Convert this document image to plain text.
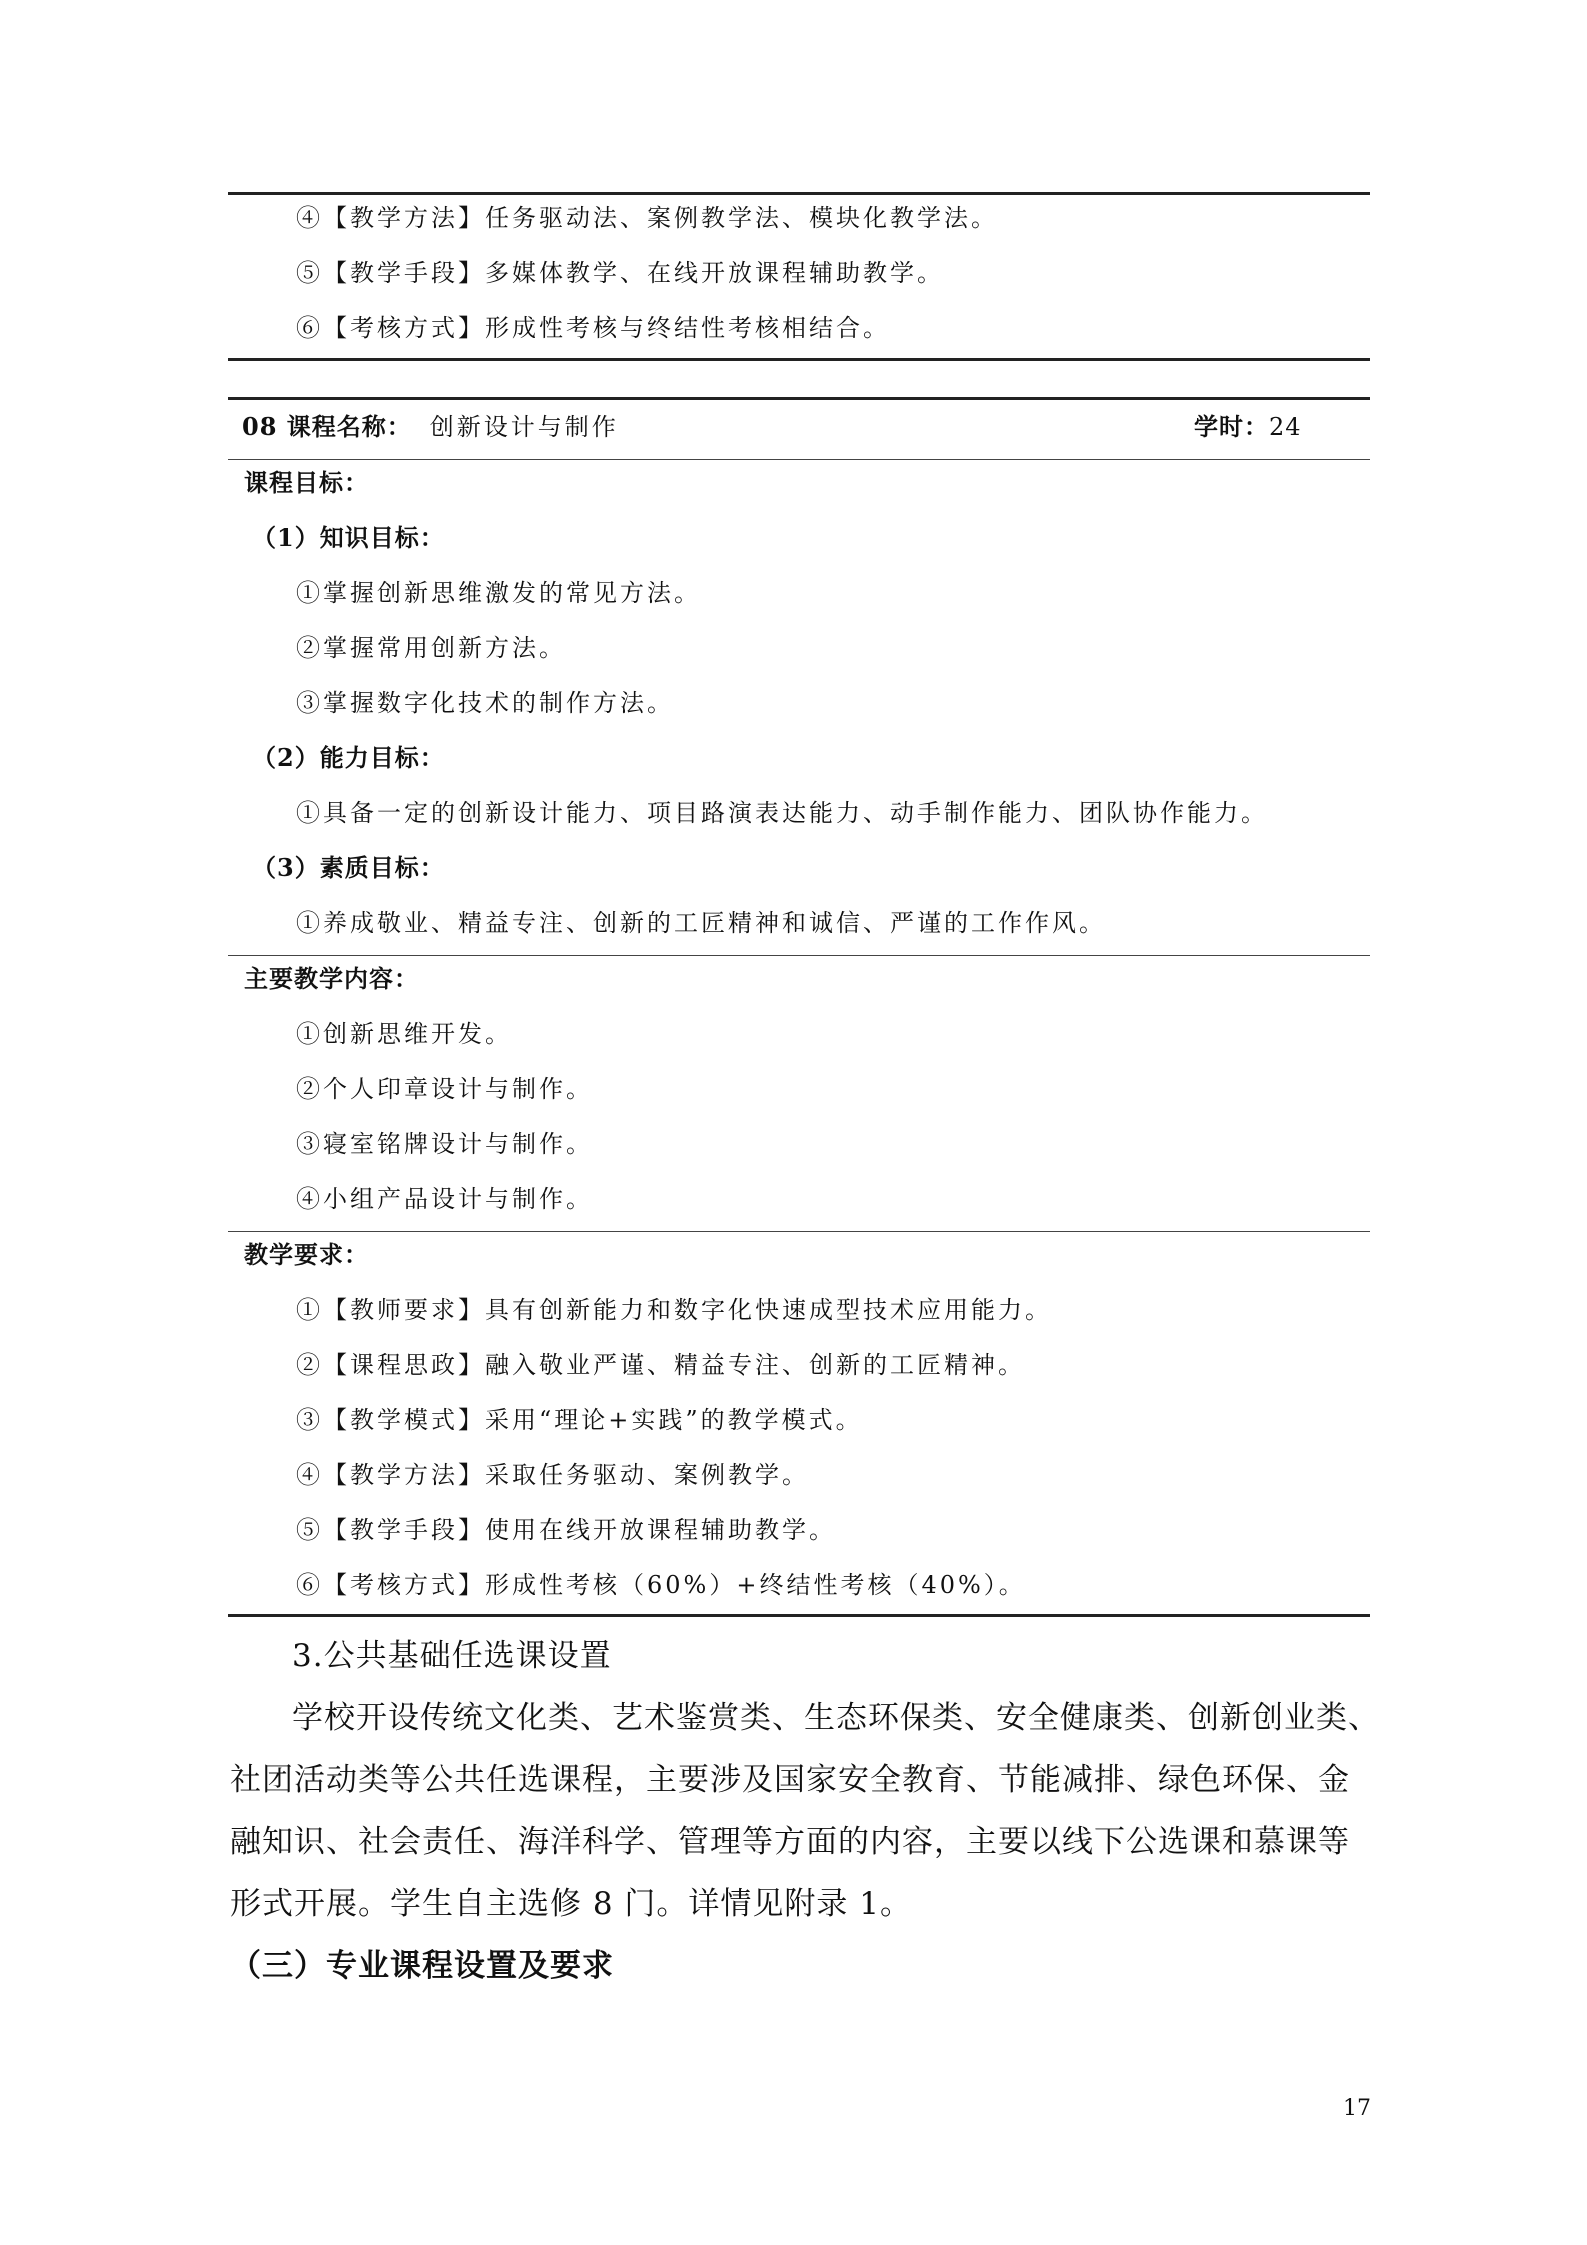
④【教学方法】任务驱动法、案例教学法、模块化教学法。
⑤【教学手段】多媒体教学、在线开放课程辅助教学。
⑥【考核方式】形成性考核与终结性考核相结合。
08 课程名称： 创新设计与制作	学时：24
课程目标：
（1）知识目标：
①掌握创新思维激发的常见方法。
②掌握常用创新方法。
③掌握数字化技术的制作方法。
（2）能力目标：
①具备一定的创新设计能力、项目路演表达能力、动手制作能力、团队协作能力。
（3）素质目标：
①养成敬业、精益专注、创新的工匠精神和诚信、严谨的工作作风。
主要教学内容：
①创新思维开发。
②个人印章设计与制作。
③寝室铭牌设计与制作。
④小组产品设计与制作。
教学要求：
①【教师要求】具有创新能力和数字化快速成型技术应用能力。
②【课程思政】融入敬业严谨、精益专注、创新的工匠精神。
③【教学模式】采用“理论+实践”的教学模式。
④【教学方法】采取任务驱动、案例教学。
⑤【教学手段】使用在线开放课程辅助教学。
⑥【考核方式】形成性考核（60%）+终结性考核（40%）。
3.公共基础任选课设置
学校开设传统文化类、艺术鉴赏类、生态环保类、安全健康类、创新创业类、
社团活动类等公共任选课程，主要涉及国家安全教育、节能减排、绿色环保、金
融知识、社会责任、海洋科学、管理等方面的内容，主要以线下公选课和慕课等
形式开展。学生自主选修 8 门。详情见附录 1。
（三）专业课程设置及要求
17
